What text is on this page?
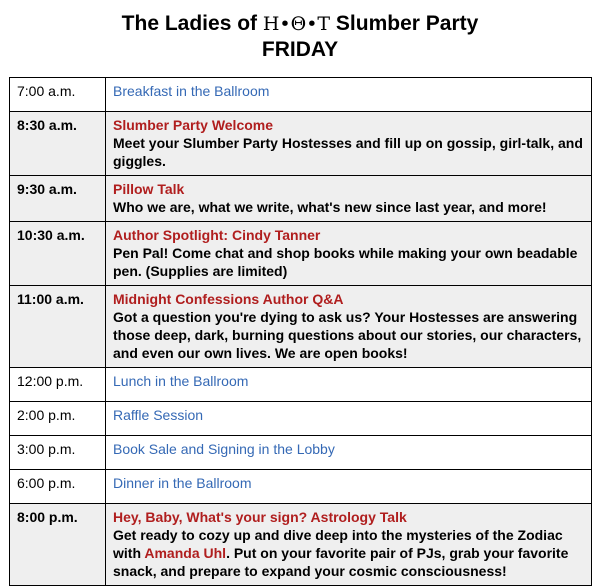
The Ladies of Η•Θ•Τ Slumber Party
FRIDAY
7:00 a.m.	Breakfast in the Ballroom
8:30 a.m.	Slumber Party Welcome
Meet your Slumber Party Hostesses and fill up on gossip, girl-talk, and giggles.

9:30 a.m.	Pillow Talk
Who we are, what we write, what's new since last year, and more!

10:30 a.m.	Author Spotlight: Cindy Tanner
Pen Pal! Come chat and shop books while making your own beadable pen. (Supplies are limited)

11:00 a.m.	Midnight Confessions Author Q&A
Got a question you're dying to ask us? Your Hostesses are answering those deep, dark, burning questions about our stories, our characters, and even our own lives. We are open books!

12:00 p.m.	Lunch in the Ballroom
2:00 p.m.	Raffle Session
3:00 p.m.	Book Sale and Signing in the Lobby
6:00 p.m.	Dinner in the Ballroom
8:00 p.m.	Hey, Baby, What's your sign? Astrology Talk
Get ready to cozy up and dive deep into the mysteries of the Zodiac with Amanda Uhl. Put on your favorite pair of PJs, grab your favorite snack, and prepare to expand your cosmic consciousness!
